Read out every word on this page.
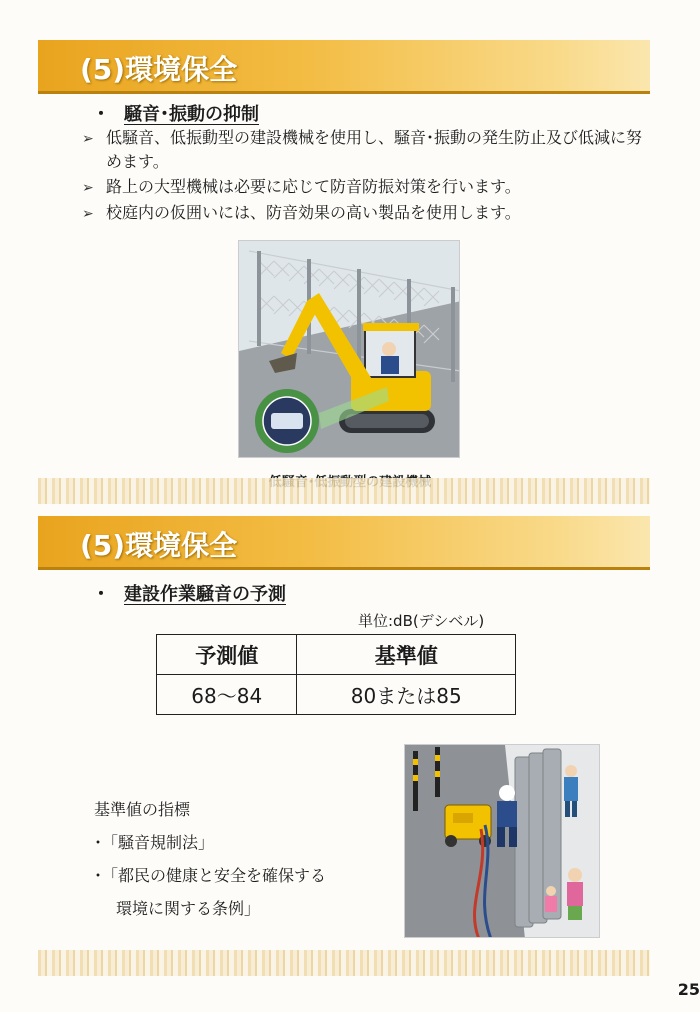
(5)環境保全
・ 騒音･振動の抑制
➢ 低騒音、低振動型の建設機械を使用し、騒音･振動の発生防止及び低減に努めます。
➢ 路上の大型機械は必要に応じて防音防振対策を行います。
➢ 校庭内の仮囲いには、防音効果の高い製品を使用します。
(5)環境保全
・ 建設作業騒音の予測
単位:dB(デシベル)
予測値	基準値
68～84	80または85
基準値の指標
･「騒音規制法」
･「都民の健康と安全を確保する
環境に関する条例」
25
